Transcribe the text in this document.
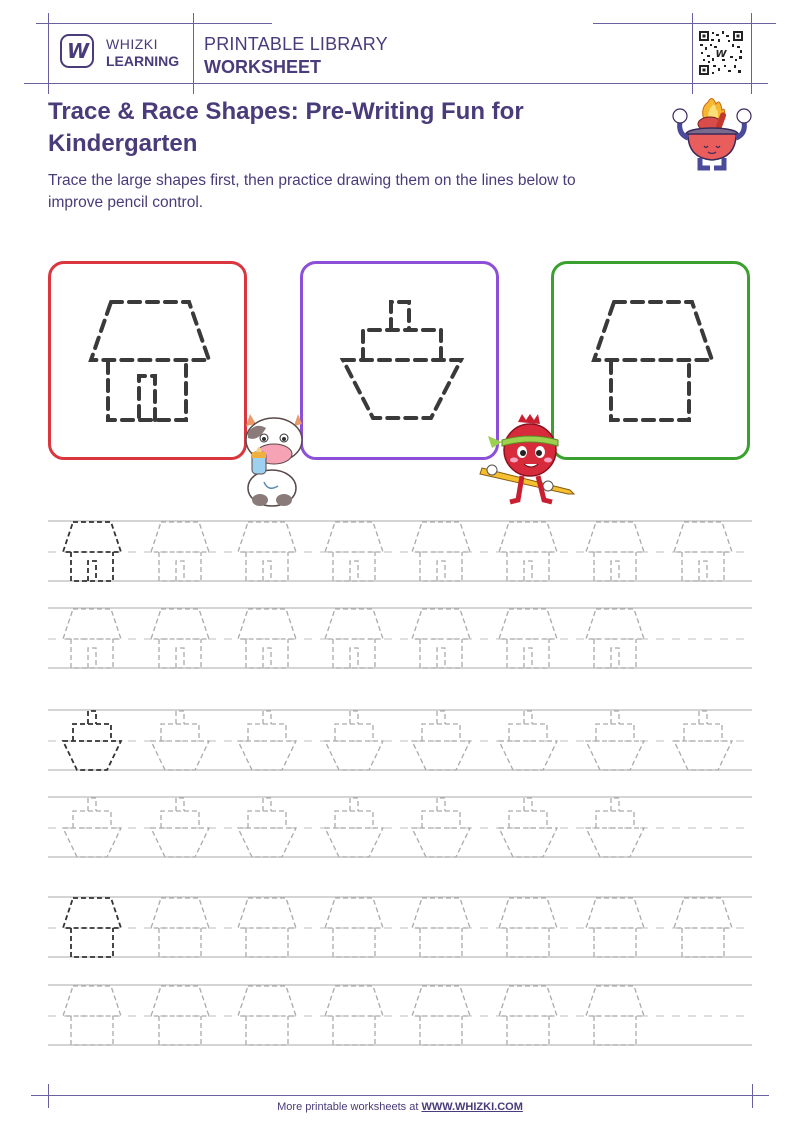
W WHIZKI
LEARNING
PRINTABLE LIBRARY
WORKSHEET
W
Trace & Race Shapes: Pre-Writing Fun for Kindergarten
Trace the large shapes first, then practice drawing them on the lines below to improve pencil control.
More printable worksheets at WWW.WHIZKI.COM
